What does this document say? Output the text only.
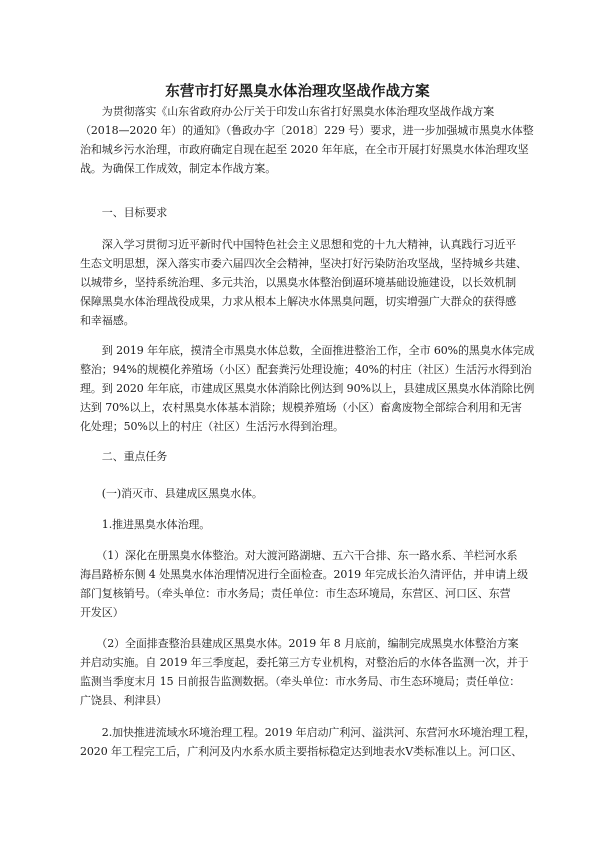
东营市打好黑臭水体治理攻坚战作战方案

　　为贯彻落实《山东省政府办公厅关于印发山东省打好黑臭水体治理攻坚战作战方案
（2018—2020 年）的通知》（鲁政办字〔2018〕229 号）要求，进一步加强城市黑臭水体整
治和城乡污水治理，市政府确定自现在起至 2020 年年底，在全市开展打好黑臭水体治理攻坚
战。为确保工作成效，制定本作战方案。

　　一、目标要求

　　深入学习贯彻习近平新时代中国特色社会主义思想和党的十九大精神，认真践行习近平
生态文明思想，深入落实市委六届四次全会精神，坚决打好污染防治攻坚战，坚持城乡共建、
以城带乡，坚持系统治理、多元共治，以黑臭水体整治倒逼环境基础设施建设，以长效机制
保障黑臭水体治理战役成果，力求从根本上解决水体黑臭问题，切实增强广大群众的获得感
和幸福感。

　　到 2019 年年底，摸清全市黑臭水体总数，全面推进整治工作，全市 60%的黑臭水体完成
整治；94%的规模化养殖场（小区）配套粪污处理设施；40%的村庄（社区）生活污水得到治
理。到 2020 年年底，市建成区黑臭水体消除比例达到 90%以上，县建成区黑臭水体消除比例
达到 70%以上，农村黑臭水体基本消除；规模养殖场（小区）畜禽废物全部综合利用和无害
化处理；50%以上的村庄（社区）生活污水得到治理。

　　二、重点任务

　　(一)消灭市、县建成区黑臭水体。

　　1.推进黑臭水体治理。

　　（1）深化在册黑臭水体整治。对大渡河路湖塘、五六干合排、东一路水系、羊栏河水系
海昌路桥东侧 4 处黑臭水体治理情况进行全面检查。2019 年完成长治久清评估，并申请上级
部门复核销号。（牵头单位：市水务局；责任单位：市生态环境局，东营区、河口区、东营
开发区）

　　（2）全面排查整治县建成区黑臭水体。2019 年 8 月底前，编制完成黑臭水体整治方案
并启动实施。自 2019 年三季度起，委托第三方专业机构，对整治后的水体各监测一次，并于
监测当季度末月 15 日前报告监测数据。（牵头单位：市水务局、市生态环境局；责任单位：
广饶县、利津县）

　　2.加快推进流域水环境治理工程。2019 年启动广利河、溢洪河、东营河水环境治理工程，
2020 年工程完工后，广利河及内水系水质主要指标稳定达到地表水Ⅴ类标准以上。河口区、
